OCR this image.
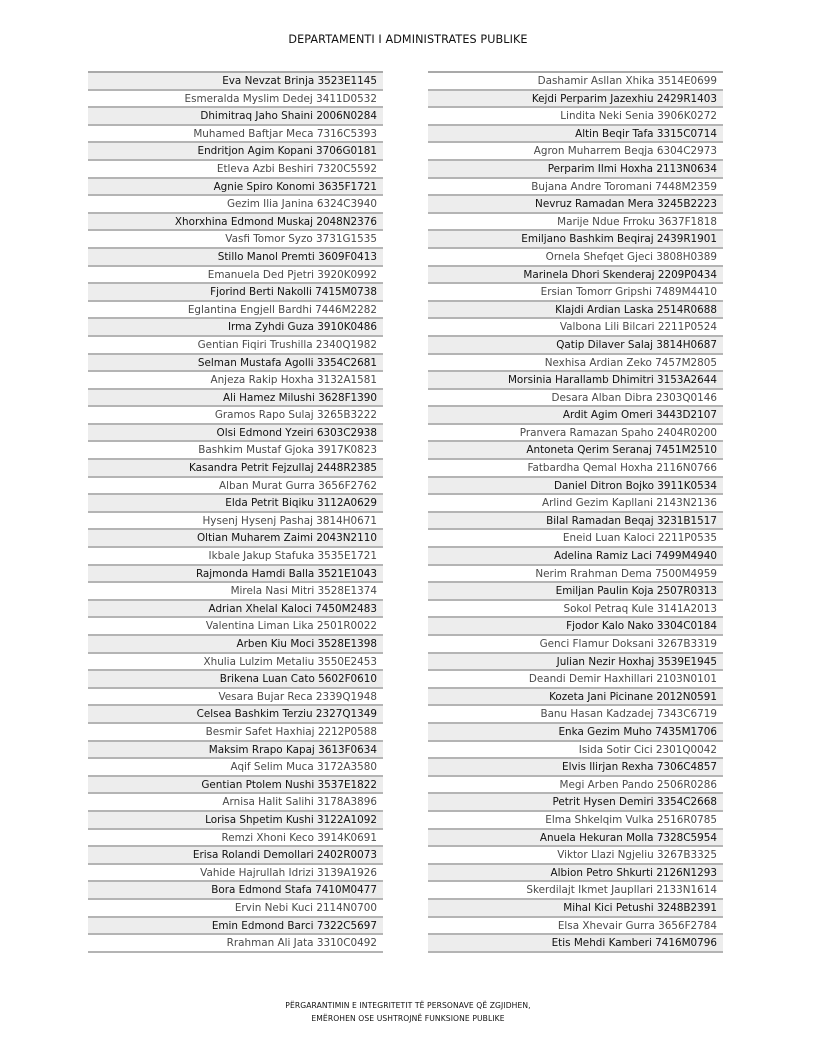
DEPARTAMENTI I ADMINISTRATES PUBLIKE
Eva Nevzat Brinja 3523E1145
Esmeralda Myslim Dedej 3411D0532
Dhimitraq Jaho Shaini 2006N0284
Muhamed Baftjar Meca 7316C5393
Endritjon Agim Kopani 3706G0181
Etleva Azbi Beshiri 7320C5592
Agnie Spiro Konomi 3635F1721
Gezim Ilia Janina 6324C3940
Xhorxhina Edmond Muskaj 2048N2376
Vasfi Tomor Syzo 3731G1535
Stillo Manol Premti 3609F0413
Emanuela Ded Pjetri 3920K0992
Fjorind Berti Nakolli 7415M0738
Eglantina Engjell Bardhi 7446M2282
Irma Zyhdi Guza 3910K0486
Gentian Fiqiri Trushilla 2340Q1982
Selman Mustafa Agolli 3354C2681
Anjeza Rakip Hoxha 3132A1581
Ali Hamez Milushi 3628F1390
Gramos Rapo Sulaj 3265B3222
Olsi Edmond Yzeiri 6303C2938
Bashkim Mustaf Gjoka 3917K0823
Kasandra Petrit Fejzullaj 2448R2385
Alban Murat Gurra 3656F2762
Elda Petrit Biqiku 3112A0629
Hysenj Hysenj Pashaj 3814H0671
Oltian Muharem Zaimi 2043N2110
Ikbale Jakup Stafuka 3535E1721
Rajmonda Hamdi Balla 3521E1043
Mirela Nasi Mitri 3528E1374
Adrian Xhelal Kaloci 7450M2483
Valentina Liman Lika 2501R0022
Arben Kiu Moci 3528E1398
Xhulia Lulzim Metaliu 3550E2453
Brikena Luan Cato 5602F0610
Vesara Bujar Reca 2339Q1948
Celsea Bashkim Terziu 2327Q1349
Besmir Safet Haxhiaj 2212P0588
Maksim Rrapo Kapaj 3613F0634
Aqif Selim Muca 3172A3580
Gentian Ptolem Nushi 3537E1822
Arnisa Halit Salihi 3178A3896
Lorisa Shpetim Kushi 3122A1092
Remzi Xhoni Keco 3914K0691
Erisa Rolandi Demollari 2402R0073
Vahide Hajrullah Idrizi 3139A1926
Bora Edmond Stafa 7410M0477
Ervin Nebi Kuci 2114N0700
Emin Edmond Barci 7322C5697
Rrahman Ali Jata 3310C0492
Dashamir Asllan Xhika 3514E0699
Kejdi Perparim Jazexhiu 2429R1403
Lindita Neki Senia 3906K0272
Altin Beqir Tafa 3315C0714
Agron Muharrem Beqja 6304C2973
Perparim Ilmi Hoxha 2113N0634
Bujana Andre Toromani 7448M2359
Nevruz Ramadan Mera 3245B2223
Marije Ndue Frroku 3637F1818
Emiljano Bashkim Beqiraj 2439R1901
Ornela Shefqet Gjeci 3808H0389
Marinela Dhori Skenderaj 2209P0434
Ersian Tomorr Gripshi 7489M4410
Klajdi Ardian Laska 2514R0688
Valbona Lili Bilcari 2211P0524
Qatip Dilaver Salaj 3814H0687
Nexhisa Ardian Zeko 7457M2805
Morsinia Harallamb Dhimitri 3153A2644
Desara Alban Dibra 2303Q0146
Ardit Agim Omeri 3443D2107
Pranvera Ramazan Spaho 2404R0200
Antoneta Qerim Seranaj 7451M2510
Fatbardha Qemal Hoxha 2116N0766
Daniel Ditron Bojko 3911K0534
Arlind Gezim Kapllani 2143N2136
Bilal Ramadan Beqaj 3231B1517
Eneid Luan Kaloci 2211P0535
Adelina Ramiz Laci 7499M4940
Nerim Rrahman Dema 7500M4959
Emiljan Paulin Koja 2507R0313
Sokol Petraq Kule 3141A2013
Fjodor Kalo Nako 3304C0184
Genci Flamur Doksani 3267B3319
Julian Nezir Hoxhaj 3539E1945
Deandi Demir Haxhillari 2103N0101
Kozeta Jani Picinane 2012N0591
Banu Hasan Kadzadej 7343C6719
Enka Gezim Muho 7435M1706
Isida Sotir Cici 2301Q0042
Elvis Ilirjan Rexha 7306C4857
Megi Arben Pando 2506R0286
Petrit Hysen Demiri 3354C2668
Elma Shkelqim Vulka 2516R0785
Anuela Hekuran Molla 7328C5954
Viktor Llazi Ngjeliu 3267B3325
Albion Petro Shkurti 2126N1293
Skerdilajt Ikmet Jaupllari 2133N1614
Mihal Kici Petushi 3248B2391
Elsa Xhevair Gurra 3656F2784
Etis Mehdi Kamberi 7416M0796
PËRGARANTIMIN E INTEGRITETIT TË PERSONAVE QË ZGJIDHEN,
EMËROHEN OSE USHTROJNË FUNKSIONE PUBLIKE
